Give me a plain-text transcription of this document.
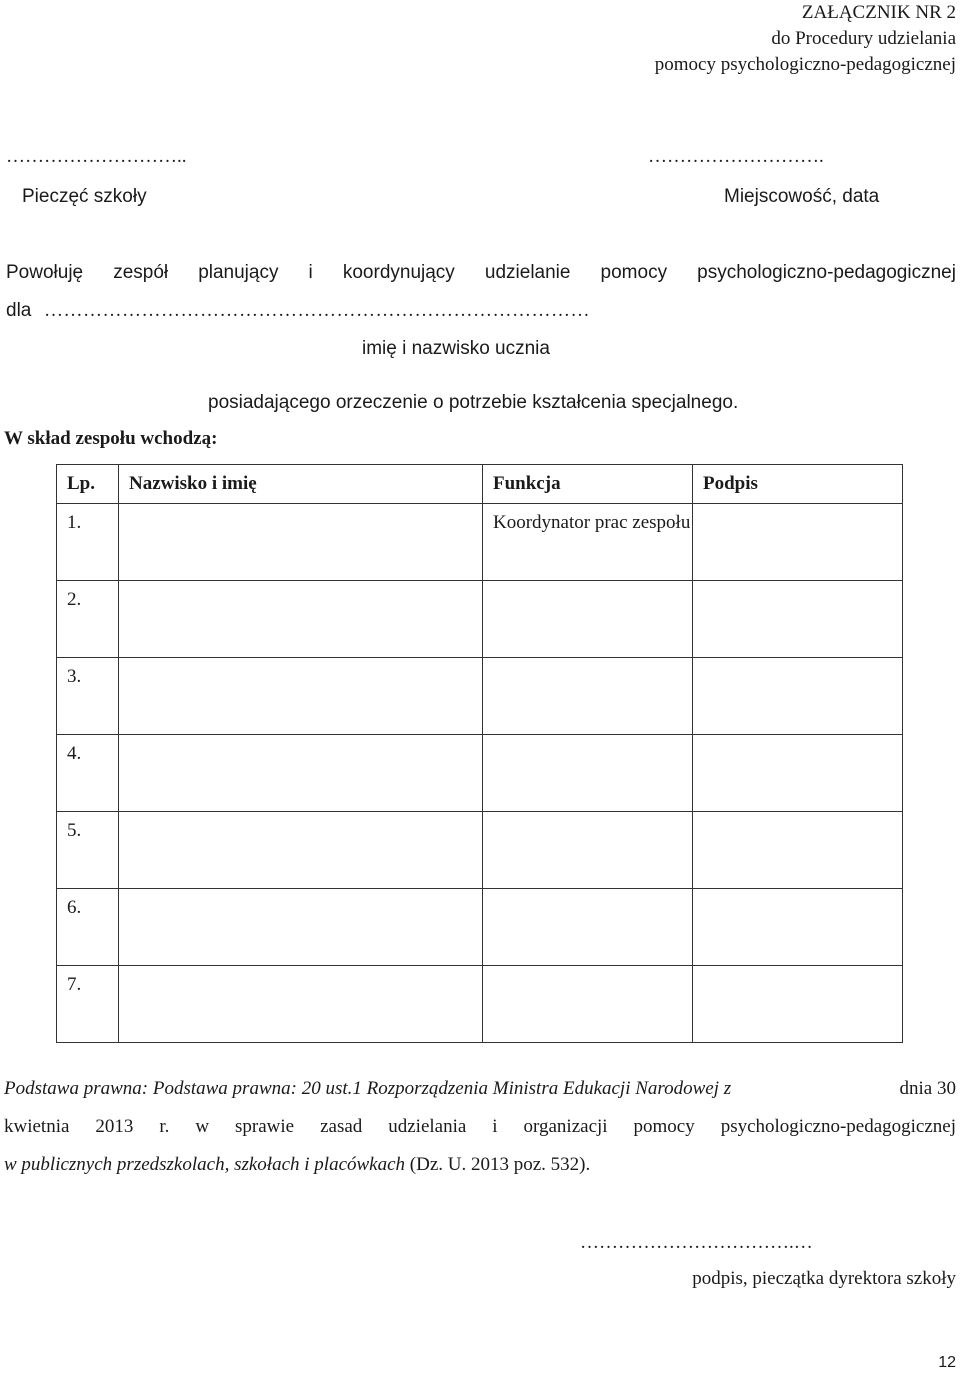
ZAŁĄCZNIK NR 2
do Procedury udzielania
pomocy psychologiczno-pedagogicznej
………………………..
Pieczęć szkoły
……………………….
Miejscowość, data
Powołuję zespół planujący i koordynujący udzielanie pomocy psychologiczno-pedagogicznej
dla …………………………………………………………………………
imię i nazwisko ucznia
posiadającego orzeczenie o potrzebie kształcenia specjalnego.
W skład zespołu wchodzą:
Lp.	Nazwisko i imię	Funkcja	Podpis
1.		Koordynator prac zespołu	
2.			
3.			
4.			
5.			
6.			
7.			
Podstawa prawna: Podstawa prawna: 20 ust.1 Rozporządzenia Ministra Edukacji Narodowej z	dnia 30
kwietnia 2013 r. w sprawie zasad udzielania i organizacji pomocy psychologiczno-pedagogicznej
w publicznych przedszkolach, szkołach i placówkach (Dz. U. 2013 poz. 532).
…………………………….…
podpis, pieczątka dyrektora szkoły
12
